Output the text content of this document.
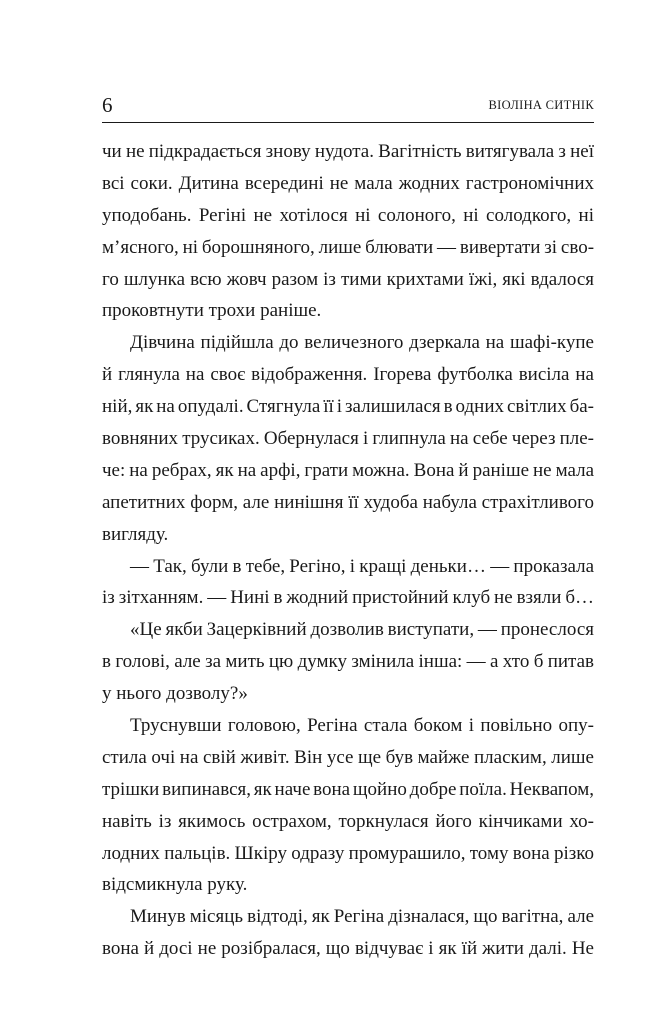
6	ВІОЛІНА СИТНІК
чи не підкрадається знову нудота. Вагітність витягувала з неї
всі соки. Дитина всередині не мала жодних гастрономічних
уподобань. Регіні не хотілося ні солоного, ні солодкого, ні
м’ясного, ні борошняного, лише блювати — вивертати зі сво-
го шлунка всю жовч разом із тими крихтами їжі, які вдалося
проковтнути трохи раніше.
Дівчина підійшла до величезного дзеркала на шафі-купе
й глянула на своє відображення. Ігорева футболка висіла на
ній, як на опудалі. Стягнула її і залишилася в одних світлих ба-
вовняних трусиках. Обернулася і глипнула на себе через пле-
че: на ребрах, як на арфі, грати можна. Вона й раніше не мала
апетитних форм, але нинішня її худоба набула страхітливого
вигляду.
— Так, були в тебе, Регіно, і кращі деньки… — проказала
із зітханням. — Нині в жодний пристойний клуб не взяли б…
«Це якби Зацерківний дозволив виступати, — пронеслося
в голові, але за мить цю думку змінила інша: — а хто б питав
у нього дозволу?»
Труснувши головою, Регіна стала боком і повільно опу-
стила очі на свій живіт. Він усе ще був майже пласким, лише
трішки випинався, як наче вона щойно добре поїла. Неквапом,
навіть із якимось острахом, торкнулася його кінчиками хо-
лодних пальців. Шкіру одразу промурашило, тому вона різко
відсмикнула руку.
Минув місяць відтоді, як Регіна дізналася, що вагітна, але
вона й досі не розібралася, що відчуває і як їй жити далі. Не
